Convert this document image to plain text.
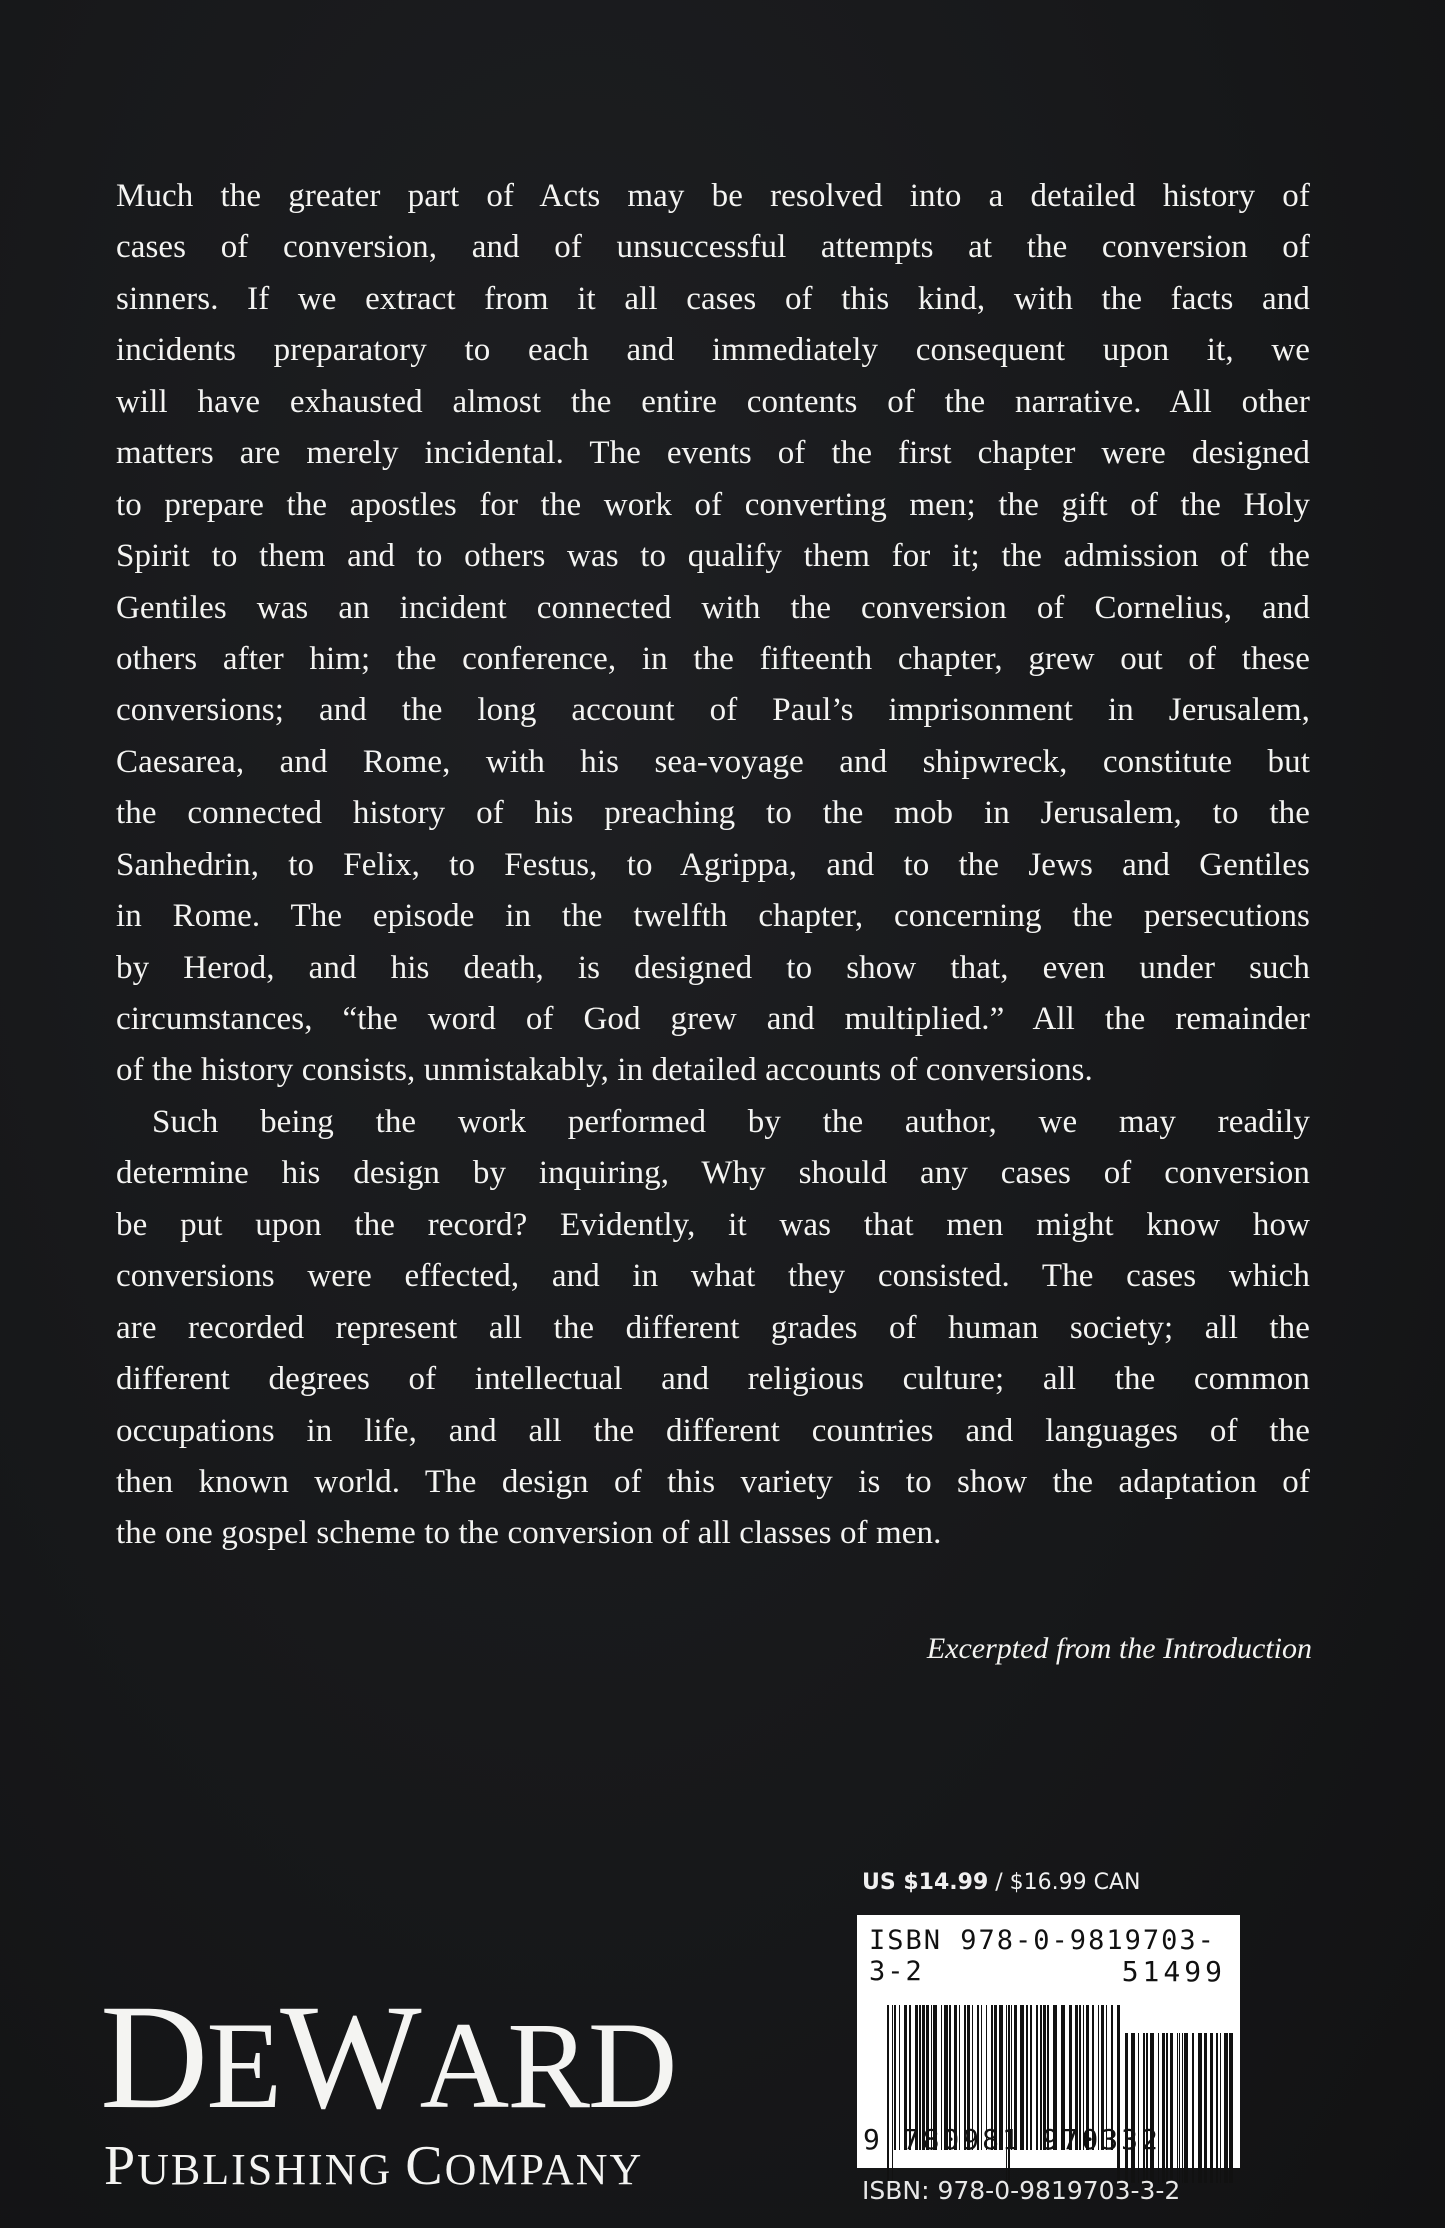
Much the greater part of Acts may be resolved into a detailed history of
cases of conversion, and of unsuccessful attempts at the conversion of
sinners. If we extract from it all cases of this kind, with the facts and
incidents preparatory to each and immediately consequent upon it, we
will have exhausted almost the entire contents of the narrative. All other
matters are merely incidental. The events of the first chapter were designed
to prepare the apostles for the work of converting men; the gift of the Holy
Spirit to them and to others was to qualify them for it; the admission of the
Gentiles was an incident connected with the conversion of Cornelius, and
others after him; the conference, in the fifteenth chapter, grew out of these
conversions; and the long account of Paul’s imprisonment in Jerusalem,
Caesarea, and Rome, with his sea-voyage and shipwreck, constitute but
the connected history of his preaching to the mob in Jerusalem, to the
Sanhedrin, to Felix, to Festus, to Agrippa, and to the Jews and Gentiles
in Rome. The episode in the twelfth chapter, concerning the persecutions
by Herod, and his death, is designed to show that, even under such
circumstances, “the word of God grew and multiplied.” All the remainder
of the history consists, unmistakably, in detailed accounts of conversions.
Such being the work performed by the author, we may readily
determine his design by inquiring, Why should any cases of conversion
be put upon the record? Evidently, it was that men might know how
conversions were effected, and in what they consisted. The cases which
are recorded represent all the different grades of human society; all the
different degrees of intellectual and religious culture; all the common
occupations in life, and all the different countries and languages of the
then known world. The design of this variety is to show the adaptation of
the one gospel scheme to the conversion of all classes of men.
Excerpted from the Introduction
DEWARD
PUBLISHING COMPANY
US $14.99 / $16.99 CAN
ISBN 978-0-9819703-3-2	51499
9 780981 970332
ISBN: 978-0-9819703-3-2
